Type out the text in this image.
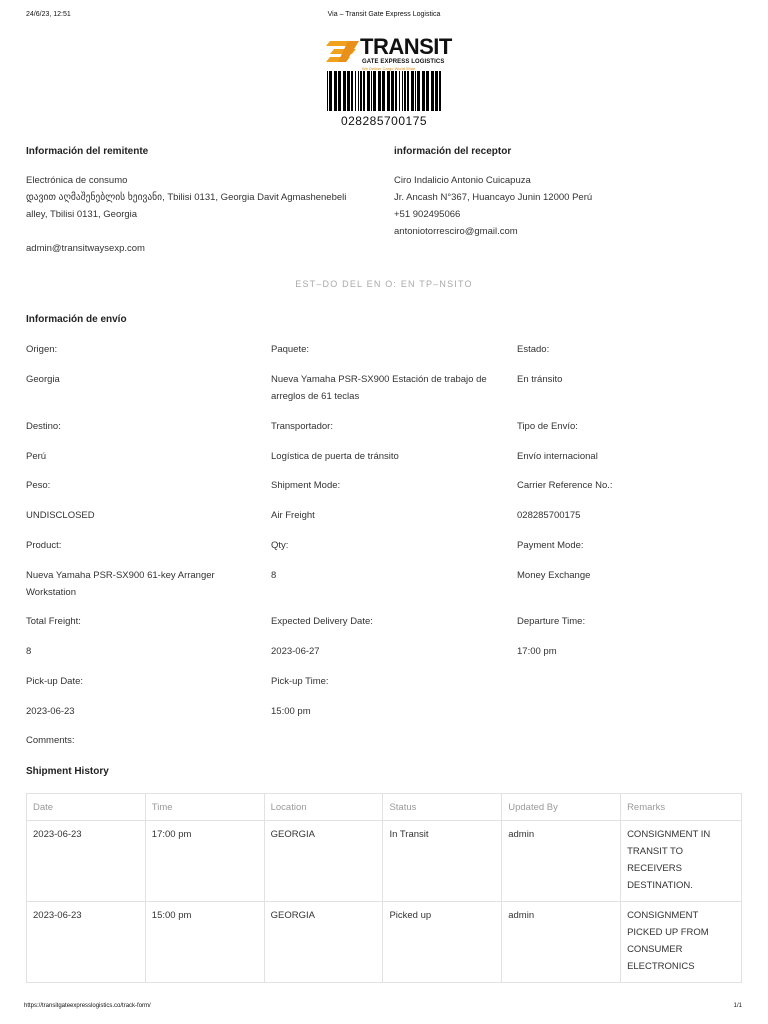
24/6/23, 12:51	Via – Transit Gate Express Logistica
TRANSIT
GATE EXPRESS LOGISTICS
We Deliver Cargo World Wide
028285700175
Información del remitente
Electrónica de consumo
დავით აღმაშენებლის ხეივანი, Tbilisi 0131, Georgia Davit Agmashenebeli
alley, Tbilisi 0131, Georgia
admin@transitwaysexp.com
información del receptor
Ciro Indalicio Antonio Cuicapuza
Jr. Ancash N°367, Huancayo Junin 12000 Perú
+51 902495066
antoniotorresciro@gmail.com
EST–DO DEL EN O: EN TP–NSITO
Información de envío
Origen:
Georgia
Destino:
Perú
Peso:
UNDISCLOSED
Product:
Nueva Yamaha PSR-SX900 61-key Arranger
Workstation
Total Freight:
8
Pick-up Date:
2023-06-23
Comments:
Paquete:
Nueva Yamaha PSR-SX900 Estación de trabajo de
arreglos de 61 teclas
Transportador:
Logística de puerta de tránsito
Shipment Mode:
Air Freight
Qty:
8
Expected Delivery Date:
2023-06-27
Pick-up Time:
15:00 pm
Estado:
En tránsito
Tipo de Envío:
Envío internacional
Carrier Reference No.:
028285700175
Payment Mode:
Money Exchange
Departure Time:
17:00 pm
Shipment History
Date	Time	Location	Status	Updated By	Remarks
2023-06-23	17:00 pm	GEORGIA	In Transit	admin	CONSIGNMENT IN TRANSIT TO RECEIVERS DESTINATION.
2023-06-23	15:00 pm	GEORGIA	Picked up	admin	CONSIGNMENT PICKED UP FROM CONSUMER ELECTRONICS
https://transitgateexpresslogistics.co/track-form/	1/1
